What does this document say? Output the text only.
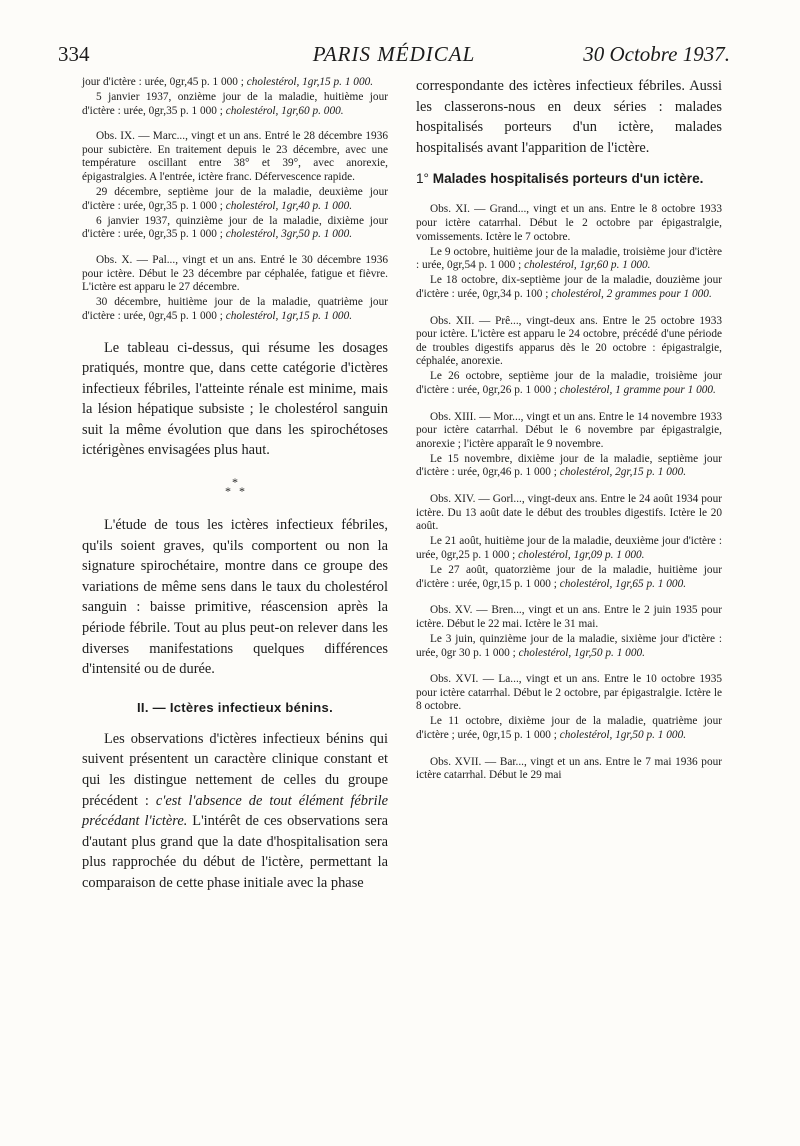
334	PARIS MÉDICAL	30 Octobre 1937.

jour d'ictère : urée, 0gr,45 p. 1 000 ; cholestérol, 1gr,15 p. 1 000.

5 janvier 1937, onzième jour de la maladie, huitième jour d'ictère : urée, 0gr,35 p. 1 000 ; cholestérol, 1gr,60 p. 000.

Obs. IX. — Marc..., vingt et un ans. Entré le 28 décembre 1936 pour subictère. En traitement depuis le 23 décembre, avec une température oscillant entre 38° et 39°, avec anorexie, épigastralgies. A l'entrée, ictère franc. Défervescence rapide.

29 décembre, septième jour de la maladie, deuxième jour d'ictère : urée, 0gr,35 p. 1 000 ; cholestérol, 1gr,40 p. 1 000.

6 janvier 1937, quinzième jour de la maladie, dixième jour d'ictère : urée, 0gr,35 p. 1 000 ; cholestérol, 3gr,50 p. 1 000.

Obs. X. — Pal..., vingt et un ans. Entré le 30 décembre 1936 pour ictère. Début le 23 décembre par céphalée, fatigue et fièvre. L'ictère est apparu le 27 décembre.

30 décembre, huitième jour de la maladie, quatrième jour d'ictère : urée, 0gr,45 p. 1 000 ; cholestérol, 1gr,15 p. 1 000.

Le tableau ci-dessus, qui résume les dosages pratiqués, montre que, dans cette catégorie d'ictères infectieux fébriles, l'atteinte rénale est minime, mais la lésion hépatique subsiste ; le cholestérol sanguin suit la même évolution que dans les spirochétoses ictérigènes envisagées plus haut.

*
* *

L'étude de tous les ictères infectieux fébriles, qu'ils soient graves, qu'ils comportent ou non la signature spirochétaire, montre dans ce groupe des variations de même sens dans le taux du cholestérol sanguin : baisse primitive, réascension après la période fébrile. Tout au plus peut-on relever dans les diverses manifestations quelques différences d'intensité ou de durée.

II. — Ictères infectieux bénins.

Les observations d'ictères infectieux bénins qui suivent présentent un caractère clinique constant et qui les distingue nettement de celles du groupe précédent : c'est l'absence de tout élément fébrile précédant l'ictère. L'intérêt de ces observations sera d'autant plus grand que la date d'hospitalisation sera plus rapprochée du début de l'ictère, permettant la comparaison de cette phase initiale avec la phase

correspondante des ictères infectieux fébriles. Aussi les classerons-nous en deux séries : malades hospitalisés porteurs d'un ictère, malades hospitalisés avant l'apparition de l'ictère.

1° Malades hospitalisés porteurs d'un ictère.

Obs. XI. — Grand..., vingt et un ans. Entre le 8 octobre 1933 pour ictère catarrhal. Début le 2 octobre par épigastralgie, vomissements. Ictère le 7 octobre.

Le 9 octobre, huitième jour de la maladie, troisième jour d'ictère : urée, 0gr,54 p. 1 000 ; cholestérol, 1gr,60 p. 1 000.

Le 18 octobre, dix-septième jour de la maladie, douzième jour d'ictère : urée, 0gr,34 p. 100 ; cholestérol, 2 grammes pour 1 000.

Obs. XII. — Prê..., vingt-deux ans. Entre le 25 octobre 1933 pour ictère. L'ictère est apparu le 24 octobre, précédé d'une période de troubles digestifs apparus dès le 20 octobre : épigastralgie, céphalée, anorexie.

Le 26 octobre, septième jour de la maladie, troisième jour d'ictère : urée, 0gr,26 p. 1 000 ; cholestérol, 1 gramme pour 1 000.

Obs. XIII. — Mor..., vingt et un ans. Entre le 14 novembre 1933 pour ictère catarrhal. Début le 6 novembre par épigastralgie, anorexie ; l'ictère apparaît le 9 novembre.

Le 15 novembre, dixième jour de la maladie, septième jour d'ictère : urée, 0gr,46 p. 1 000 ; cholestérol, 2gr,15 p. 1 000.

Obs. XIV. — Gorl..., vingt-deux ans. Entre le 24 août 1934 pour ictère. Du 13 août date le début des troubles digestifs. Ictère le 20 août.

Le 21 août, huitième jour de la maladie, deuxième jour d'ictère : urée, 0gr,25 p. 1 000 ; cholestérol, 1gr,09 p. 1 000.

Le 27 août, quatorzième jour de la maladie, huitième jour d'ictère : urée, 0gr,15 p. 1 000 ; cholestérol, 1gr,65 p. 1 000.

Obs. XV. — Bren..., vingt et un ans. Entre le 2 juin 1935 pour ictère. Début le 22 mai. Ictère le 31 mai.

Le 3 juin, quinzième jour de la maladie, sixième jour d'ictère : urée, 0gr 30 p. 1 000 ; cholestérol, 1gr,50 p. 1 000.

Obs. XVI. — La..., vingt et un ans. Entre le 10 octobre 1935 pour ictère catarrhal. Début le 2 octobre, par épigastralgie. Ictère le 8 octobre.

Le 11 octobre, dixième jour de la maladie, quatrième jour d'ictère ; urée, 0gr,15 p. 1 000 ; cholestérol, 1gr,50 p. 1 000.

Obs. XVII. — Bar..., vingt et un ans. Entre le 7 mai 1936 pour ictère catarrhal. Début le 29 mai
